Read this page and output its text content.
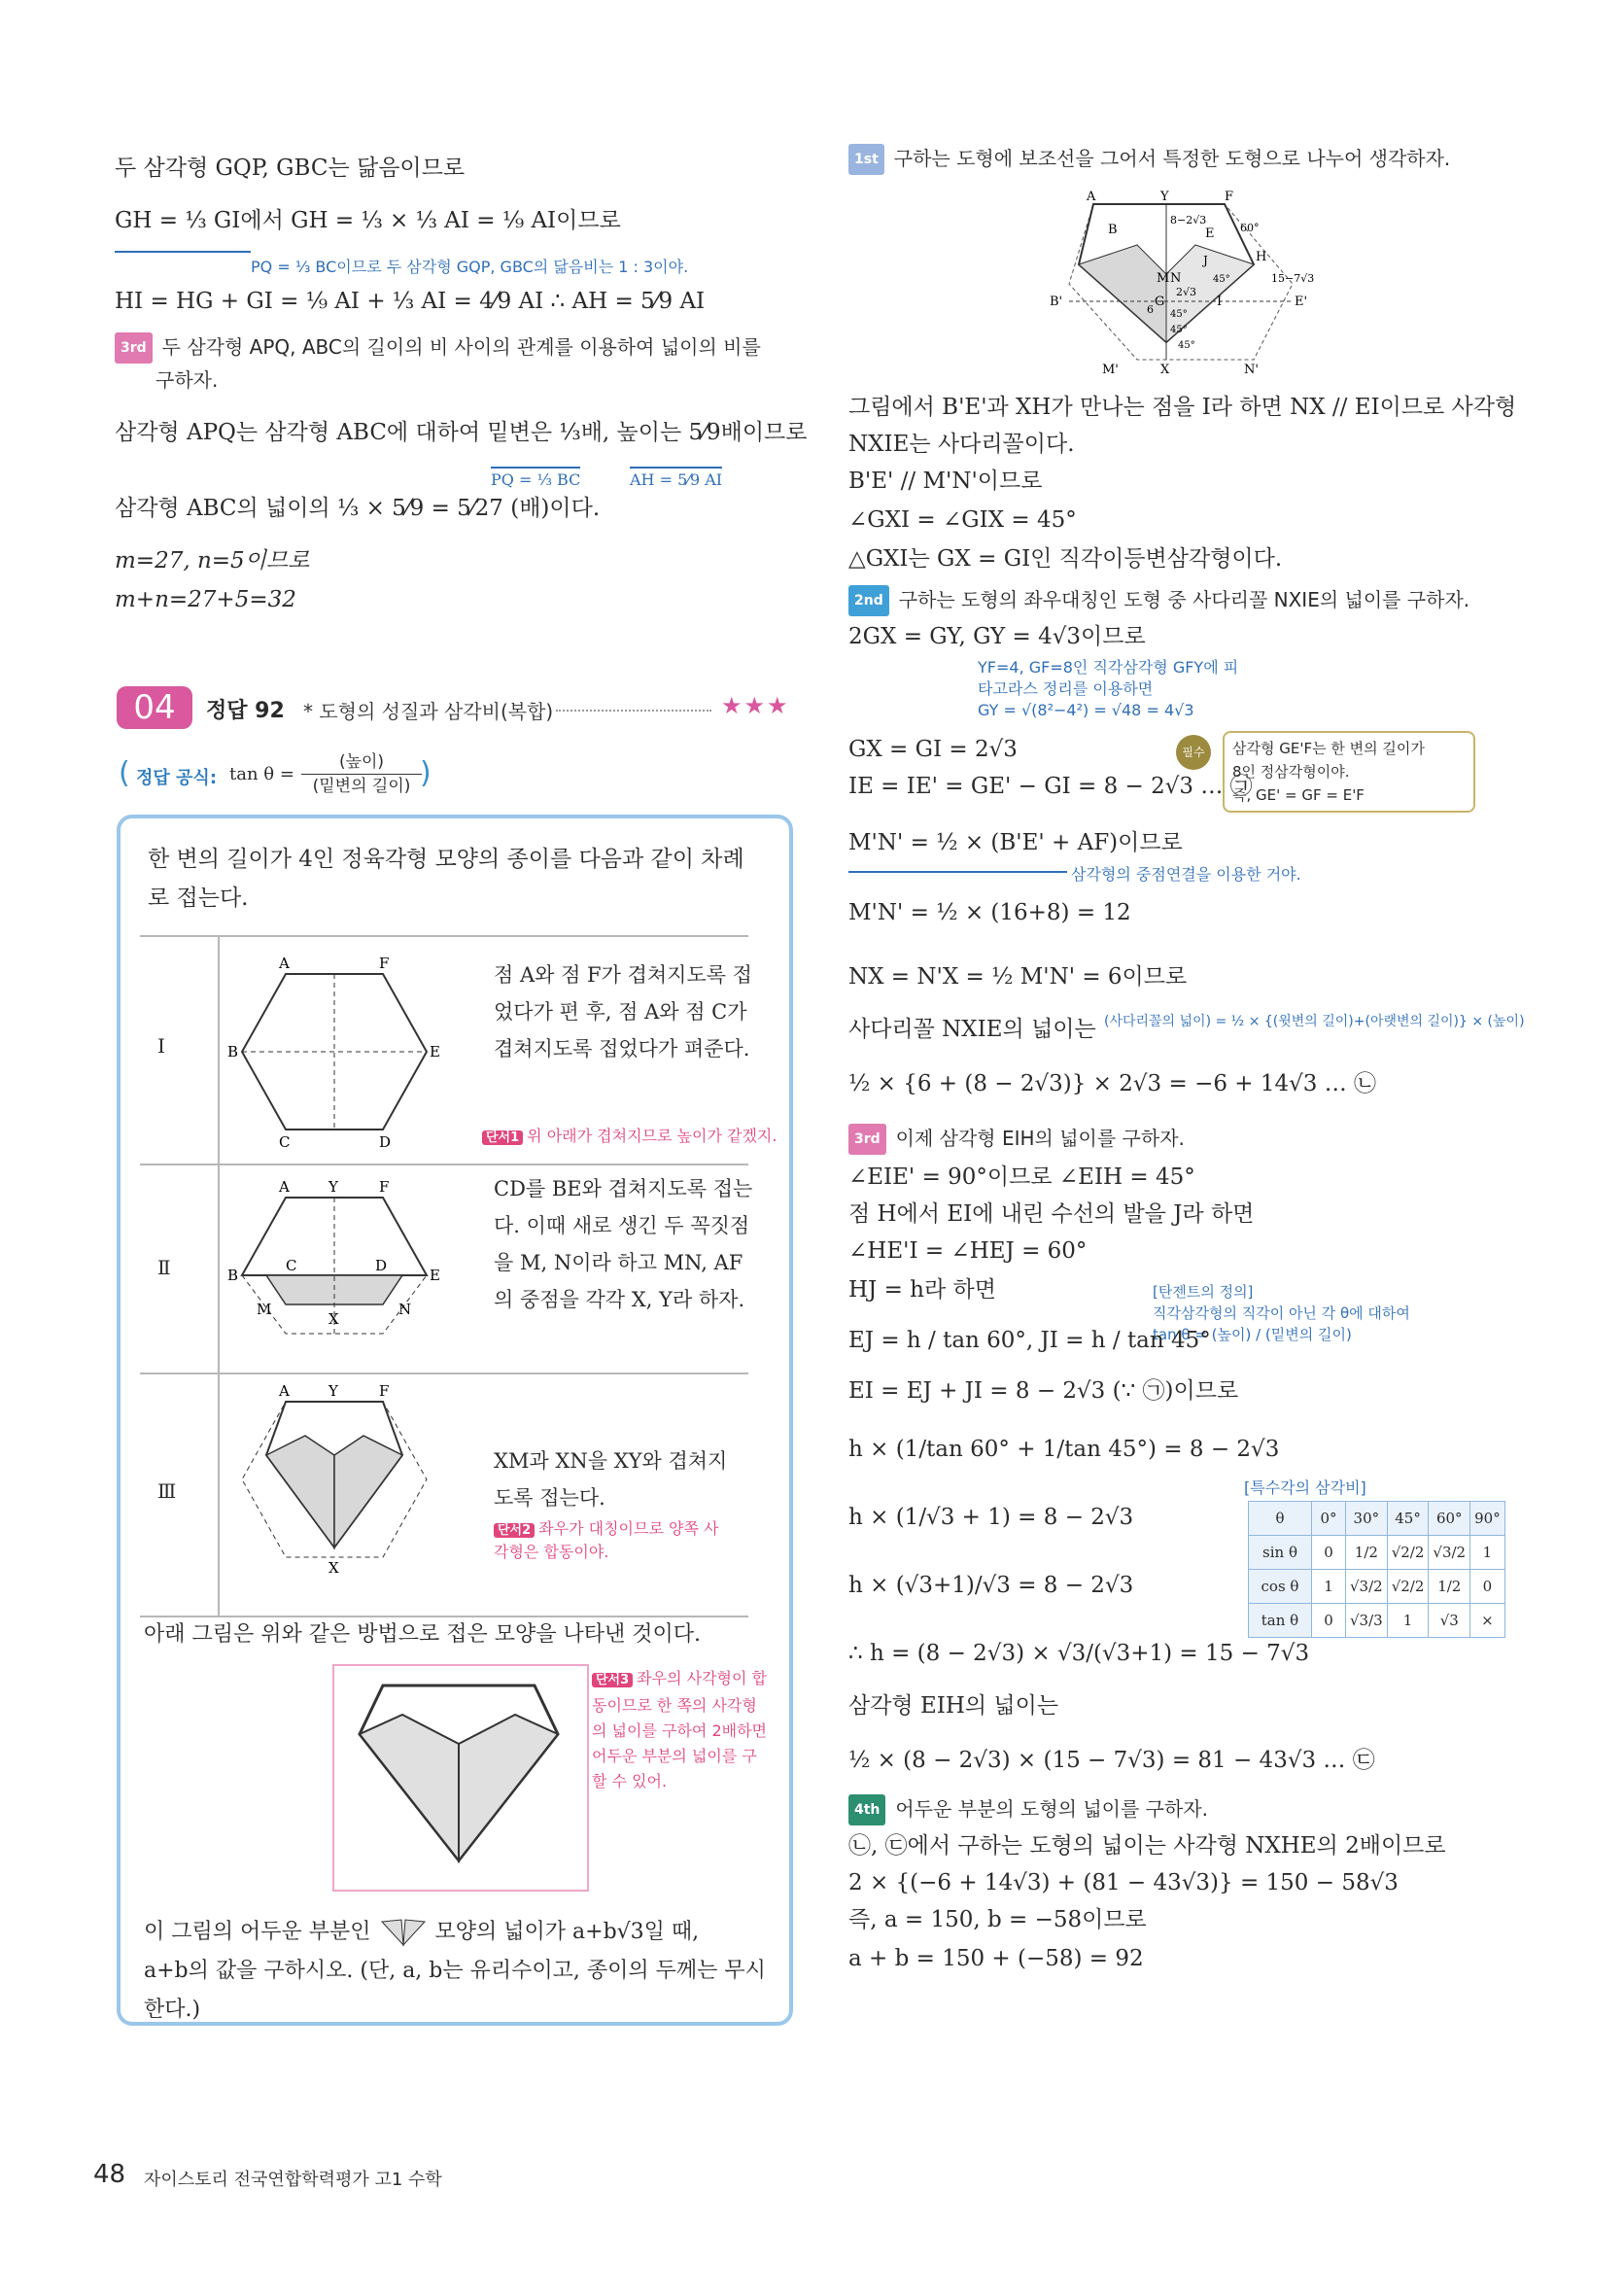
두 삼각형 GQP, GBC는 닮음이므로
GH = ⅓ GI에서 GH = ⅓ × ⅓ AI = ⅑ AI이므로
PQ = ⅓ BC이므로 두 삼각형 GQP, GBC의 닮음비는 1 : 3이야.
HI = HG + GI = ⅑ AI + ⅓ AI = 4⁄9 AI ∴ AH = 5⁄9 AI
3rd 두 삼각형 APQ, ABC의 길이의 비 사이의 관계를 이용하여 넓이의 비를
구하자.
삼각형 APQ는 삼각형 ABC에 대하여 밑변은 ⅓배, 높이는 5⁄9배이므로
PQ = ⅓ BC	AH = 5⁄9 AI
삼각형 ABC의 넓이의 ⅓ × 5⁄9 = 5⁄27 (배)이다.
m=27, n=5이므로
m+n=27+5=32
04	정답 92 * 도형의 성질과 삼각비(복합)	★★★
( 정답 공식: tan θ =
(높이)
(밑변의 길이) )
한 변의 길이가 4인 정육각형 모양의 종이를 다음과 같이 차례로 접는다.
I
A	F
B	E
C	D
점 A와 점 F가 겹쳐지도록 접었다가 편 후, 점 A와 점 C가 겹쳐지도록 접었다가 펴준다.
단서1 위 아래가 겹쳐지므로 높이가 같겠지.
Ⅱ
A	Y	F
B	E
C	D
M	N
X
CD를 BE와 겹쳐지도록 접는다. 이때 새로 생긴 두 꼭짓점을 M, N이라 하고 MN, AF의 중점을 각각 X, Y라 하자.
Ⅲ
A	Y	F
X
XM과 XN을 XY와 겹쳐지도록 접는다.
단서2 좌우가 대칭이므로 양쪽 사각형은 합동이야.
아래 그림은 위와 같은 방법으로 접은 모양을 나타낸 것이다.
단서3 좌우의 사각형이 합동이므로 한 쪽의 사각형의 넓이를 구하여 2배하면 어두운 부분의 넓이를 구할 수 있어.
이 그림의 어두운 부분인	모양의 넓이가 a+b√3일 때,
a+b의 값을 구하시오. (단, a, b는 유리수이고, 종이의 두께는 무시한다.)
1st 구하는 도형에 보조선을 그어서 특정한 도형으로 나누어 생각하자.
A	Y	F
B	E
H
B'	E'
M N
G	I
J
M'	N'
X
8−2√3
15−7√3
6
2√3
60°
45°
45°
45°
45°
그림에서 B'E'과 XH가 만나는 점을 I라 하면 NX // EI이므로 사각형
NXIE는 사다리꼴이다.
B'E' // M'N'이므로
∠GXI = ∠GIX = 45°
△GXI는 GX = GI인 직각이등변삼각형이다.
2nd 구하는 도형의 좌우대칭인 도형 중 사다리꼴 NXIE의 넓이를 구하자.
2GX = GY, GY = 4√3이므로
YF=4, GF=8인 직각삼각형 GFY에 피
타고라스 정리를 이용하면
GY = √(8²−4²) = √48 = 4√3
GX = GI = 2√3
IE = IE' = GE' − GI = 8 − 2√3 … ㉠
필수	삼각형 GE'F는 한 변의 길이가
8인 정삼각형이야.
즉, GE' = GF = E'F
M'N' = ½ × (B'E' + AF)이므로
삼각형의 중점연결을 이용한 거야.
M'N' = ½ × (16+8) = 12
NX = N'X = ½ M'N' = 6이므로
사다리꼴 NXIE의 넓이는 (사다리꼴의 넓이) = ½ × {(윗변의 길이)+(아랫변의 길이)} × (높이)
½ × {6 + (8 − 2√3)} × 2√3 = −6 + 14√3 … ㉡
3rd 이제 삼각형 EIH의 넓이를 구하자.
∠EIE' = 90°이므로 ∠EIH = 45°
점 H에서 EI에 내린 수선의 발을 J라 하면
∠HE'I = ∠HEJ = 60°
HJ = h라 하면	[탄젠트의 정의]
직각삼각형의 직각이 아닌 각 θ에 대하여
tan θ = (높이) / (밑변의 길이)
EJ = h / tan 60°, JI = h / tan 45°
EI = EJ + JI = 8 − 2√3 (∵ ㉠)이므로
h × (1/tan 60° + 1/tan 45°) = 8 − 2√3
[특수각의 삼각비]
h × (1/√3 + 1) = 8 − 2√3
h × (√3+1)/√3 = 8 − 2√3
∴ h = (8 − 2√3) × √3/(√3+1) = 15 − 7√3
삼각형 EIH의 넓이는
½ × (8 − 2√3) × (15 − 7√3) = 81 − 43√3 … ㉢
θ	0°	30°	45°	60°	90°
sin θ	0	1/2	√2/2	√3/2	1
cos θ	1	√3/2	√2/2	1/2	0
tan θ	0	√3/3	1	√3	×
4th 어두운 부분의 도형의 넓이를 구하자.
㉡, ㉢에서 구하는 도형의 넓이는 사각형 NXHE의 2배이므로
2 × {(−6 + 14√3) + (81 − 43√3)} = 150 − 58√3
즉, a = 150, b = −58이므로
a + b = 150 + (−58) = 92
48 자이스토리 전국연합학력평가 고1 수학
